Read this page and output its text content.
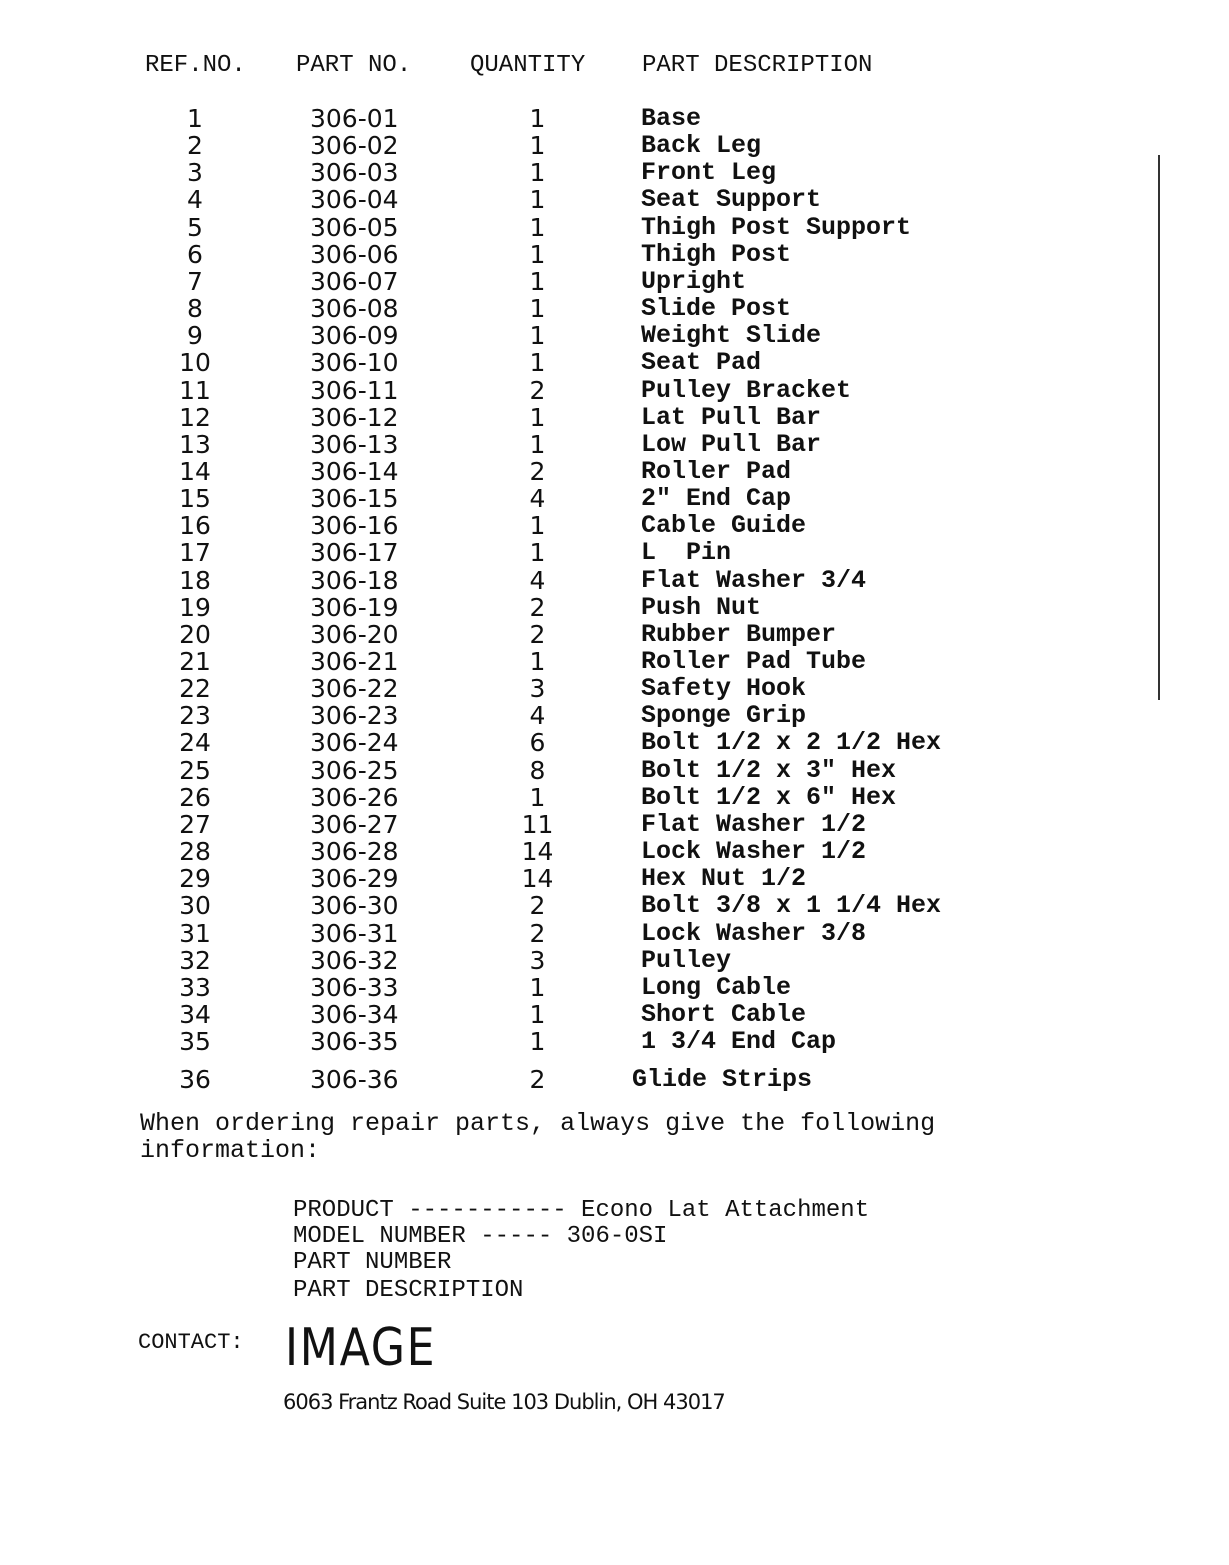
REF.NO. PART NO. QUANTITY PART DESCRIPTION
1	306-01	1	Base
2	306-02	1	Back Leg
3	306-03	1	Front Leg
4	306-04	1	Seat Support
5	306-05	1	Thigh Post Support
6	306-06	1	Thigh Post
7	306-07	1	Upright
8	306-08	1	Slide Post
9	306-09	1	Weight Slide
10	306-10	1	Seat Pad
11	306-11	2	Pulley Bracket
12	306-12	1	Lat Pull Bar
13	306-13	1	Low Pull Bar
14	306-14	2	Roller Pad
15	306-15	4	2" End Cap
16	306-16	1	Cable Guide
17	306-17	1	L  Pin
18	306-18	4	Flat Washer 3/4
19	306-19	2	Push Nut
20	306-20	2	Rubber Bumper
21	306-21	1	Roller Pad Tube
22	306-22	3	Safety Hook
23	306-23	4	Sponge Grip
24	306-24	6	Bolt 1/2 x 2 1/2 Hex
25	306-25	8	Bolt 1/2 x 3" Hex
26	306-26	1	Bolt 1/2 x 6" Hex
27	306-27	11	Flat Washer 1/2
28	306-28	14	Lock Washer 1/2
29	306-29	14	Hex Nut 1/2
30	306-30	2	Bolt 3/8 x 1 1/4 Hex
31	306-31	2	Lock Washer 3/8
32	306-32	3	Pulley
33	306-33	1	Long Cable
34	306-34	1	Short Cable
35	306-35	1	1 3/4 End Cap
36	306-36	2	Glide Strips
When ordering repair parts, always give the following information:
PRODUCT ----------- Econo Lat Attachment
MODEL NUMBER ----- 306-0SI
PART NUMBER
PART DESCRIPTION
CONTACT: IMAGE
6063 Frantz Road Suite 103 Dublin, OH 43017
